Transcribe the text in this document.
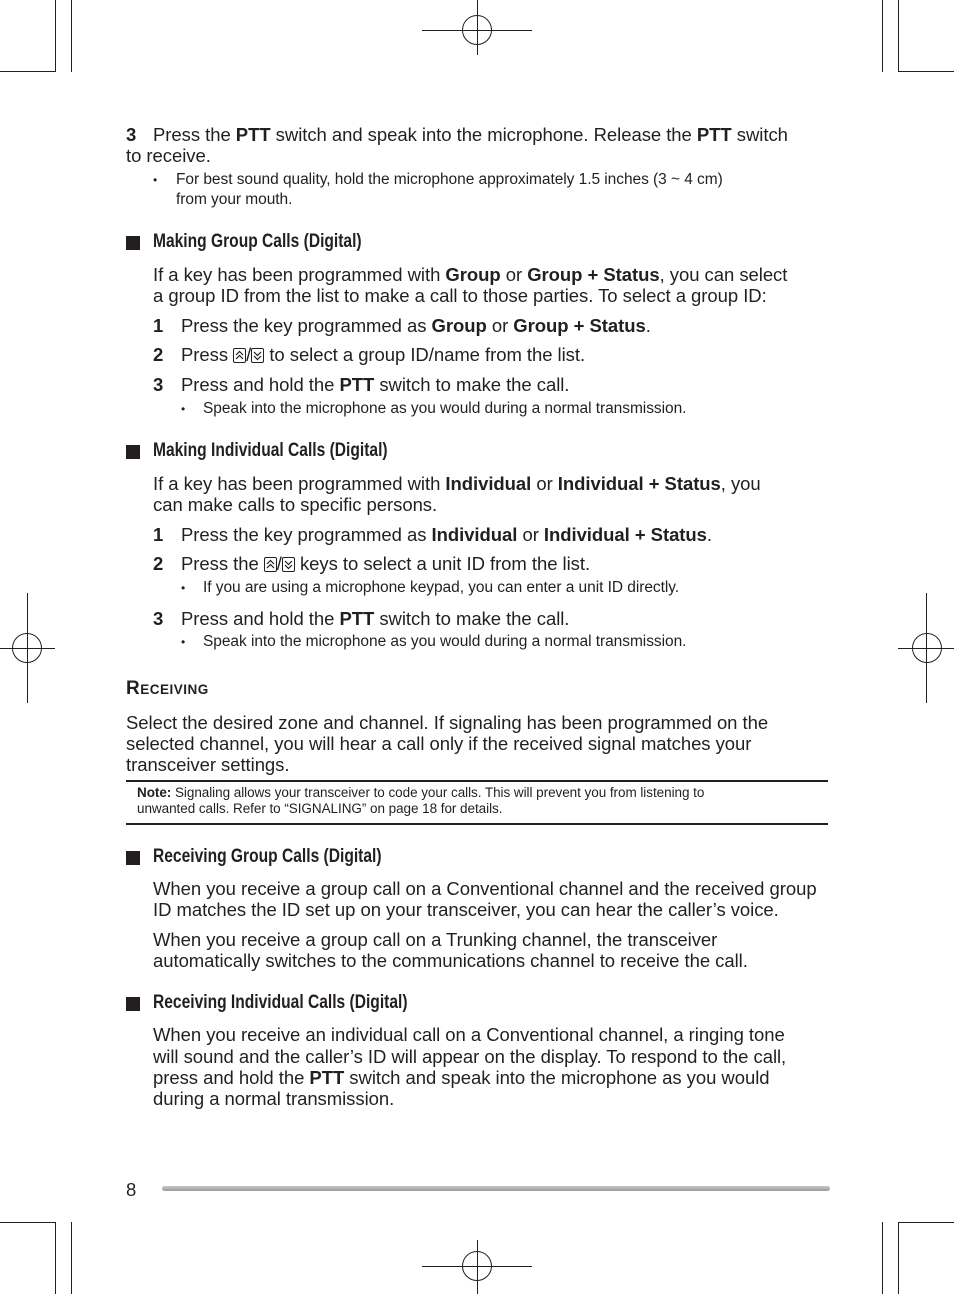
3 Press the PTT switch and speak into the microphone. Release the PTT switch
to receive.
• For best sound quality, hold the microphone approximately 1.5 inches (3 ~ 4 cm)
from your mouth.
Making Group Calls (Digital)
If a key has been programmed with Group or Group + Status, you can select
a group ID from the list to make a call to those parties. To select a group ID:
1 Press the key programmed as Group or Group + Status.
2 Press
/
to select a group ID/name from the list.
3 Press and hold the PTT switch to make the call.
• Speak into the microphone as you would during a normal transmission.
Making Individual Calls (Digital)
If a key has been programmed with Individual or Individual + Status, you
can make calls to specific persons.
1 Press the key programmed as Individual or Individual + Status.
2 Press the
/
keys to select a unit ID from the list.
• If you are using a microphone keypad, you can enter a unit ID directly.
3 Press and hold the PTT switch to make the call.
• Speak into the microphone as you would during a normal transmission.
RECEIVING
Select the desired zone and channel. If signaling has been programmed on the
selected channel, you will hear a call only if the received signal matches your
transceiver settings.
Note: Signaling allows your transceiver to code your calls. This will prevent you from listening to
unwanted calls. Refer to “SIGNALING” on page 18 for details.
Receiving Group Calls (Digital)
When you receive a group call on a Conventional channel and the received group
ID matches the ID set up on your transceiver, you can hear the caller’s voice.
When you receive a group call on a Trunking channel, the transceiver
automatically switches to the communications channel to receive the call.
Receiving Individual Calls (Digital)
When you receive an individual call on a Conventional channel, a ringing tone
will sound and the caller’s ID will appear on the display. To respond to the call,
press and hold the PTT switch and speak into the microphone as you would
during a normal transmission.
8
